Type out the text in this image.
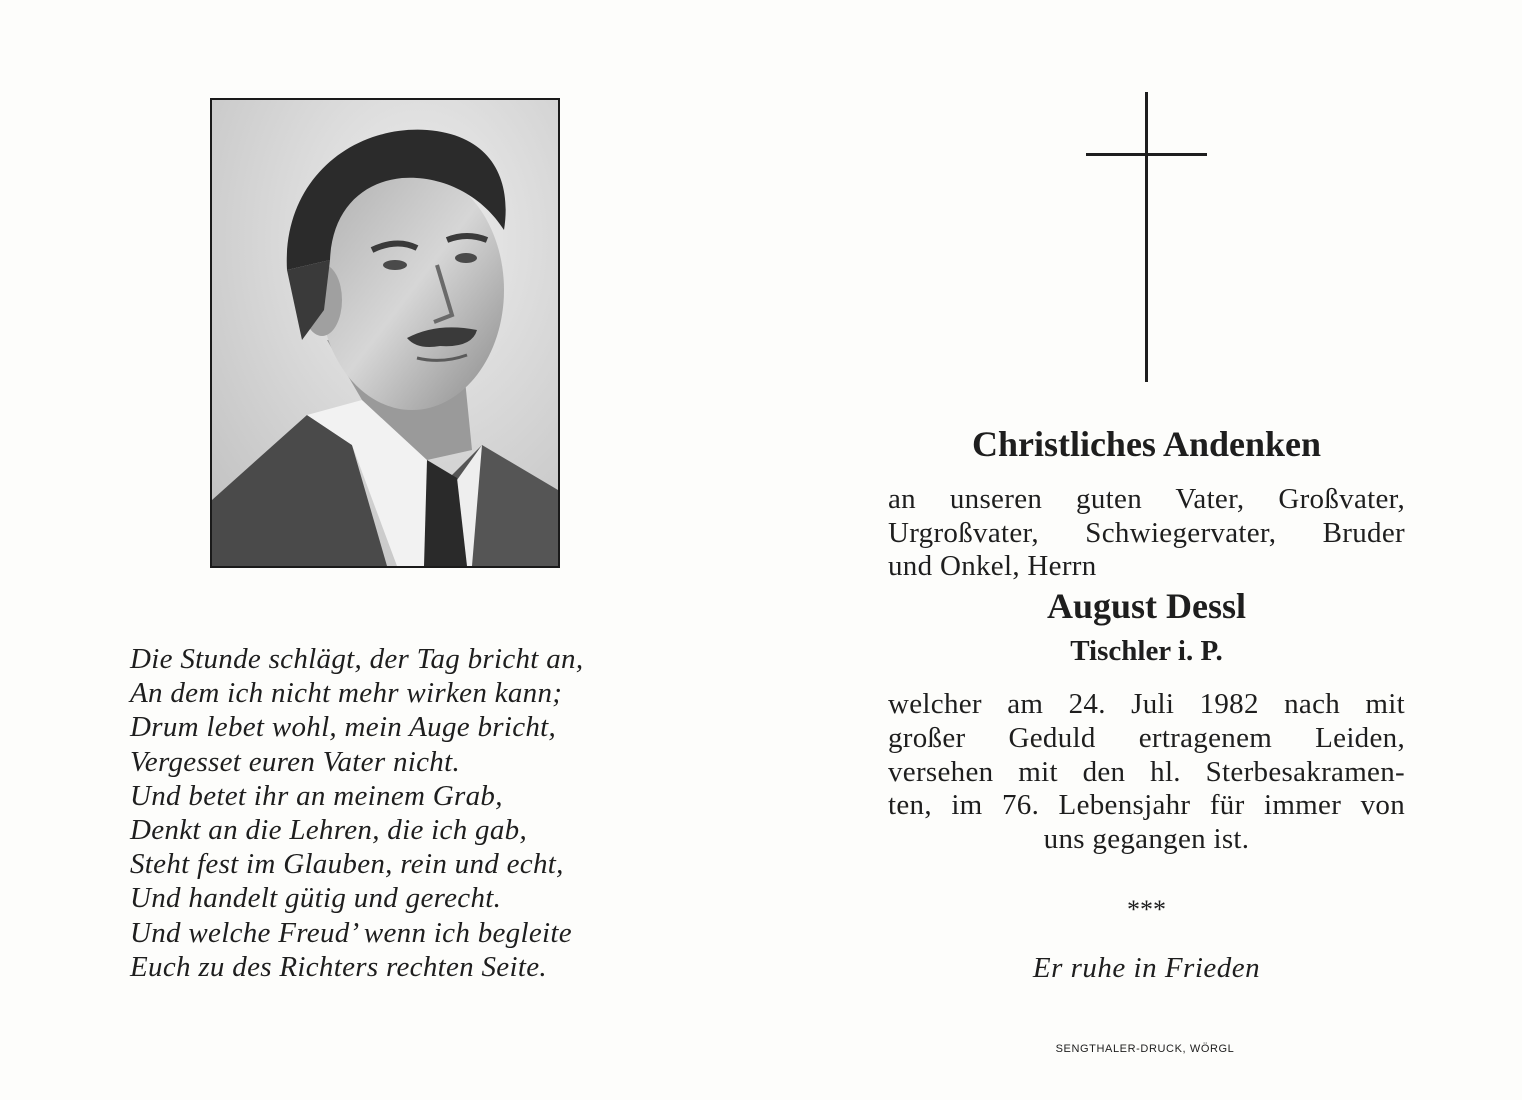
Die Stunde schlägt, der Tag bricht an,
An dem ich nicht mehr wirken kann;
Drum lebet wohl, mein Auge bricht,
Vergesset euren Vater nicht.
Und betet ihr an meinem Grab,
Denkt an die Lehren, die ich gab,
Steht fest im Glauben, rein und echt,
Und handelt gütig und gerecht.
Und welche Freud’ wenn ich begleite
Euch zu des Richters rechten Seite.
Christliches Andenken
an unseren guten Vater, Großvater,
Urgroßvater, Schwiegervater, Bruder
und Onkel, Herrn
August Dessl
Tischler i. P.
welcher am 24. Juli 1982 nach mit
großer Geduld ertragenem Leiden,
versehen mit den hl. Sterbesakramen-
ten, im 76. Lebensjahr für immer von
uns gegangen ist.
***
Er ruhe in Frieden
SENGTHALER-DRUCK, WÖRGL
